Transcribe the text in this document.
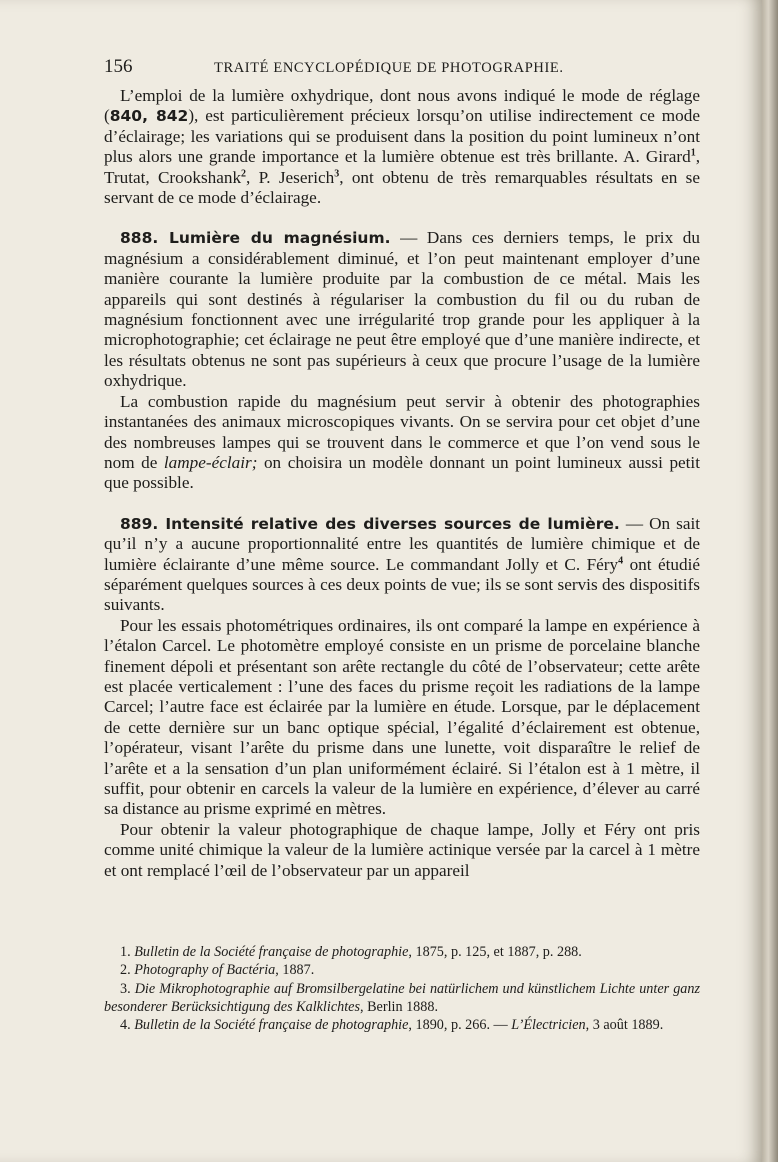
156	TRAITÉ ENCYCLOPÉDIQUE DE PHOTOGRAPHIE.

L’emploi de la lumière oxhydrique, dont nous avons indiqué le mode de réglage (840, 842), est particulièrement précieux lorsqu’on utilise indirectement ce mode d’éclairage; les variations qui se produisent dans la position du point lumineux n’ont plus alors une grande importance et la lumière obtenue est très brillante. A. Girard$^1$, Trutat, Crookshank$^2$, P. Jeserich$^3$, ont obtenu de très remarquables résultats en se servant de ce mode d’éclairage.

888. Lumière du magnésium. — Dans ces derniers temps, le prix du magnésium a considérablement diminué, et l’on peut maintenant employer d’une manière courante la lumière produite par la combustion de ce métal. Mais les appareils qui sont destinés à régulariser la combustion du fil ou du ruban de magnésium fonctionnent avec une irrégularité trop grande pour les appliquer à la microphotographie; cet éclairage ne peut être employé que d’une manière indirecte, et les résultats obtenus ne sont pas supérieurs à ceux que procure l’usage de la lumière oxhydrique.

La combustion rapide du magnésium peut servir à obtenir des photographies instantanées des animaux microscopiques vivants. On se servira pour cet objet d’une des nombreuses lampes qui se trouvent dans le commerce et que l’on vend sous le nom de lampe-éclair; on choisira un modèle donnant un point lumineux aussi petit que possible.

889. Intensité relative des diverses sources de lumière. — On sait qu’il n’y a aucune proportionnalité entre les quantités de lumière chimique et de lumière éclairante d’une même source. Le commandant Jolly et C. Féry$^4$ ont étudié séparément quelques sources à ces deux points de vue; ils se sont servis des dispositifs suivants.

Pour les essais photométriques ordinaires, ils ont comparé la lampe en expérience à l’étalon Carcel. Le photomètre employé consiste en un prisme de porcelaine blanche finement dépoli et présentant son arête rectangle du côté de l’observateur; cette arête est placée verticalement : l’une des faces du prisme reçoit les radiations de la lampe Carcel; l’autre face est éclairée par la lumière en étude. Lorsque, par le déplacement de cette dernière sur un banc optique spécial, l’égalité d’éclairement est obtenue, l’opérateur, visant l’arête du prisme dans une lunette, voit disparaître le relief de l’arête et a la sensation d’un plan uniformément éclairé. Si l’étalon est à 1 mètre, il suffit, pour obtenir en carcels la valeur de la lumière en expérience, d’élever au carré sa distance au prisme exprimé en mètres.

Pour obtenir la valeur photographique de chaque lampe, Jolly et Féry ont pris comme unité chimique la valeur de la lumière actinique versée par la carcel à 1 mètre et ont remplacé l’œil de l’observateur par un appareil

1. Bulletin de la Société française de photographie, 1875, p. 125, et 1887, p. 288.
2. Photography of Bactéria, 1887.
3. Die Mikrophotographie auf Bromsilbergelatine bei natürlichem und künstlichem Lichte unter ganz besonderer Berücksichtigung des Kalklichtes, Berlin 1888.
4. Bulletin de la Société française de photographie, 1890, p. 266. — L’Électricien, 3 août 1889.
